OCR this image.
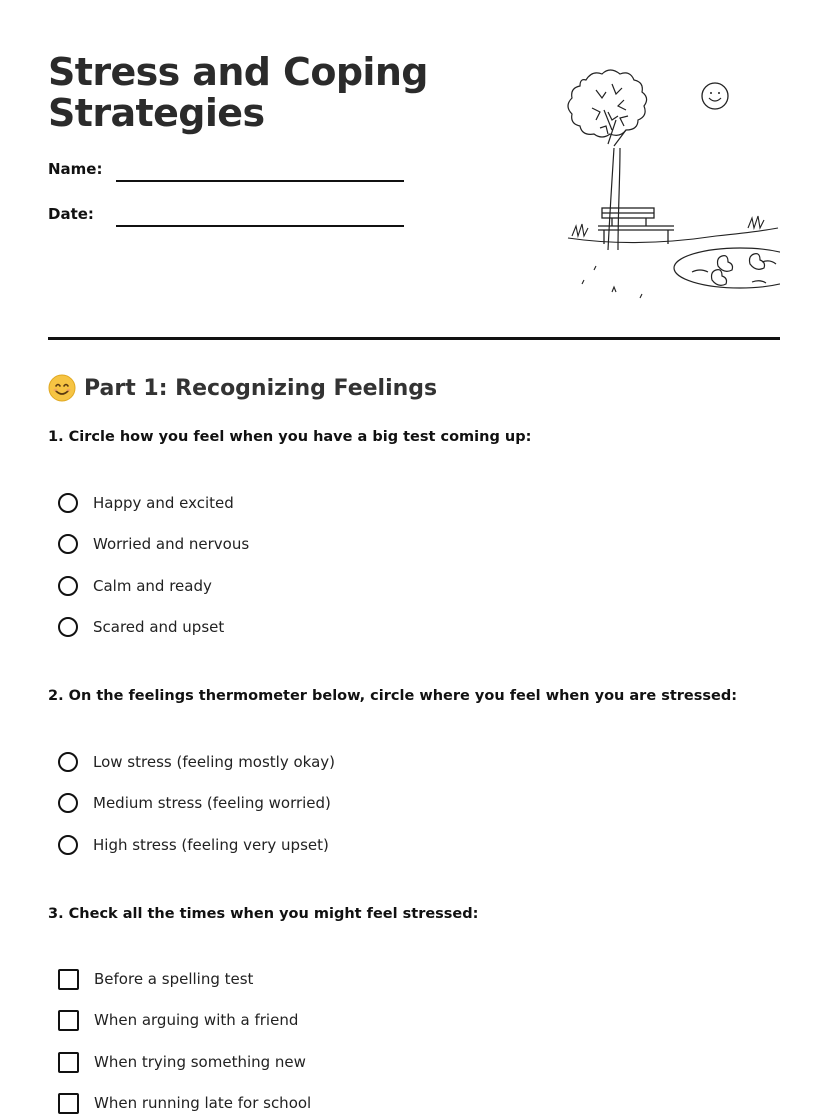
Stress and Coping Strategies
Name:
Date:
Part 1: Recognizing Feelings

1. Circle how you feel when you have a big test coming up:

Happy and excited
Worried and nervous
Calm and ready
Scared and upset

2. On the feelings thermometer below, circle where you feel when you are stressed:

Low stress (feeling mostly okay)
Medium stress (feeling worried)
High stress (feeling very upset)

3. Check all the times when you might feel stressed:

Before a spelling test
When arguing with a friend
When trying something new
When running late for school
